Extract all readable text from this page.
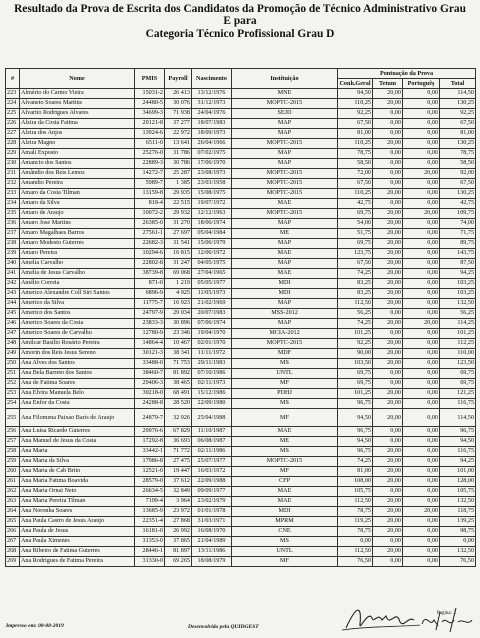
Resultado da Prova de Escrita dos Candidatos da Promoção de Técnico Administrativo Grau
E para
Categoria Técnico Profissional Grau D
#	Nome	PMIS	Payroll	Nascimento	Instituição	Pontuação da Prova			
						Conh.Geral	Tetum	Portuguêş	Total
223	Almério do Carmo Vieira	15031-2	26 413	13/12/1976	MNE	94,50	20,00	0,00	114,50
224	Alvaneto Soares Martins	24480-5	30 076	31/12/1973	MOPTC-2015	110,25	20,00	0,00	130,25
225	Alvarito Rodrigues Alvares	34699-3	71 938	24/04/1976	SEJD	92,25	0,00	0,00	92,25
226	Alzira da Costa Fatima	29121-8	37 277	18/07/1983	MAP	67,50	0,00	0,00	67,50
227	Alzira dos Anjos	13924-6	22 972	18/09/1973	MAP	81,00	0,00	0,00	81,00
228	Alzira Magno	6511-0	13 641	26/04/1966	MOPTC-2015	110,25	20,00	0,00	130,25
229	Amali Exposto	25276-0	31 786	07/02/1975	MAP	78,75	0,00	0,00	78,75
230	Amancio dos Santos	22889-3	30 786	17/06/1970	MAP	58,50	0,00	0,00	58,50
231	Amândio dos Reis Lemos	14272-7	25 287	23/08/1973	MOPTC-2015	72,00	0,00	20,00	92,00
232	Amandio Pereira	5989-7	1 385	23/03/1958	MOPTC-2015	67,50	0,00	0,00	67,50
233	Amaro da Costa Tilman	13159-8	29 935	15/08/1975	MOPTC-2015	110,25	20,00	0,00	130,25
234	Amaro da Silva	818-4	22 515	19/07/1972	MAE	42,75	0,00	0,00	42,75
235	Amaro de Araujo	10072-2	29 932	12/12/1963	MOPTC-2015	69,75	20,00	20,00	109,75
236	Amaro Jose Martins	26385-0	31 270	18/06/1974	MAP	54,00	20,00	0,00	74,00
237	Amaro Magalhaes Barros	27561-1	27 697	05/04/1984	ME	51,75	20,00	0,00	71,75
238	Amaro Modesto Guterres	22682-3	31 541	15/06/1979	MAP	69,75	20,00	0,00	89,75
239	Amaro Pereira	10294-6	16 815	12/06/1972	MAE	123,75	20,00	0,00	143,75
240	Amelia Carvalho	22802-8	31 247	04/05/1975	MAP	67,50	20,00	0,00	87,50
241	Amelia de Jesus Carvalho	38739-8	69 068	27/04/1965	MAE	74,25	20,00	0,00	94,25
242	Amélio Correia	871-0	1 219	05/05/1977	MDI	83,25	20,00	0,00	103,25
243	Americo Alexandre Coll Siri Santos	6896-9	4 925	11/05/1973	MDI	83,25	20,00	0,00	103,25
244	Americo da Silva	11775-7	16 923	21/02/1969	MAP	112,50	20,00	0,00	132,50
245	Americo dos Santos	24797-9	29 034	20/07/1983	MSS-2012	56,25	0,00	0,00	56,25
246	Americo Soares da Costa	23833-3	30 896	07/06/1974	MAP	74,25	20,00	20,00	114,25
247	Americo Soares de Carvalho	12780-9	23 346	19/04/1970	MCIA-2012	101,25	0,00	0,00	101,25
248	Amilcar Basilio Rosário Pereira	14864-4	10 467	02/01/1970	MOPTC-2015	92,25	20,00	0,00	112,25
249	Amorin dos Reis Jesus Sereno	30121-3	38 341	11/11/1972	MDF	90,00	20,00	0,00	110,00
250	Ana Alves dos Santos	33488-0	71 753	29/11/1983	MS	103,50	20,00	0,00	123,50
251	Ana Bela Barreto dos Santos	38460-7	81 892	07/10/1986	UNTL	69,75	0,00	0,00	69,75
252	Ana de Fatima Soares	29406-3	38 465	02/11/1973	MF	69,75	0,00	0,00	69,75
253	Ana Elvira Manuela Belo	30218-0	68 491	15/12/1986	PDHJ	101,25	20,00	0,00	121,25
254	Ana Enfor da Costa	24288-8	28 520	22/09/1980	MS	96,75	20,00	0,00	116,75
255	Ana Filomena Paixao Baris de Araujo	24879-7	32 926	25/04/1988	MF	94,50	20,00	0,00	114,50
256	Ana Luisa Ricardo Guterres	29976-6	67 829	11/10/1987	MAE	96,75	0,00	0,00	96,75
257	Ana Manuel de Jesus da Costa	17292-8	36 693	06/08/1987	ME	94,50	0,00	0,00	94,50
258	Ana Maria	33442-1	71 772	02/11/1986	MS	96,75	20,00	0,00	116,75
259	Ana Maria da Silva	17986-8	27 475	25/07/1977	MOPTC-2015	74,25	20,00	0,00	94,25
260	Ana Maria de Cab Brito	12521-0	19 447	16/03/1972	MF	81,00	20,00	0,00	101,00
261	Ana Maria Fatima Boavida	28579-0	37 612	22/09/1988	CFP	108,00	20,00	0,00	128,00
262	Ana Maria Ornai Neto	26634-5	32 849	09/09/1977	MAE	105,75	0,00	0,00	105,75
263	Ana Maria Pereira Tilman	7199-4	3 964	23/02/1979	MAE	112,50	20,00	0,00	132,50
264	Ana Noronha Soares	13685-9	23 972	01/01/1978	MDI	78,75	20,00	20,00	118,75
265	Ana Paula Castro de Jesus Araujo	22351-4	27 868	31/03/1971	MPRM	119,25	20,00	0,00	139,25
266	Ana Paula de Jesus	16181-0	26 992	16/08/1970	CNE	78,75	20,00	0,00	98,75
267	Ana Paula Ximenes	31353-0	37 865	21/04/1989	MS	0,00	0,00	0,00	0,00
268	Ana Ribeiro de Fatima Guterres	28446-1	81 897	13/11/1986	UNTL	112,50	20,00	0,00	132,50
269	Ana Rodrigues de Fatima Pereira	31330-0	69 265	18/08/1979	MF	76,50	0,00	0,00	76,50
Impresso em: 08-08-2019	Desenvolvido pela QUIDGEST
Pagina: 3
